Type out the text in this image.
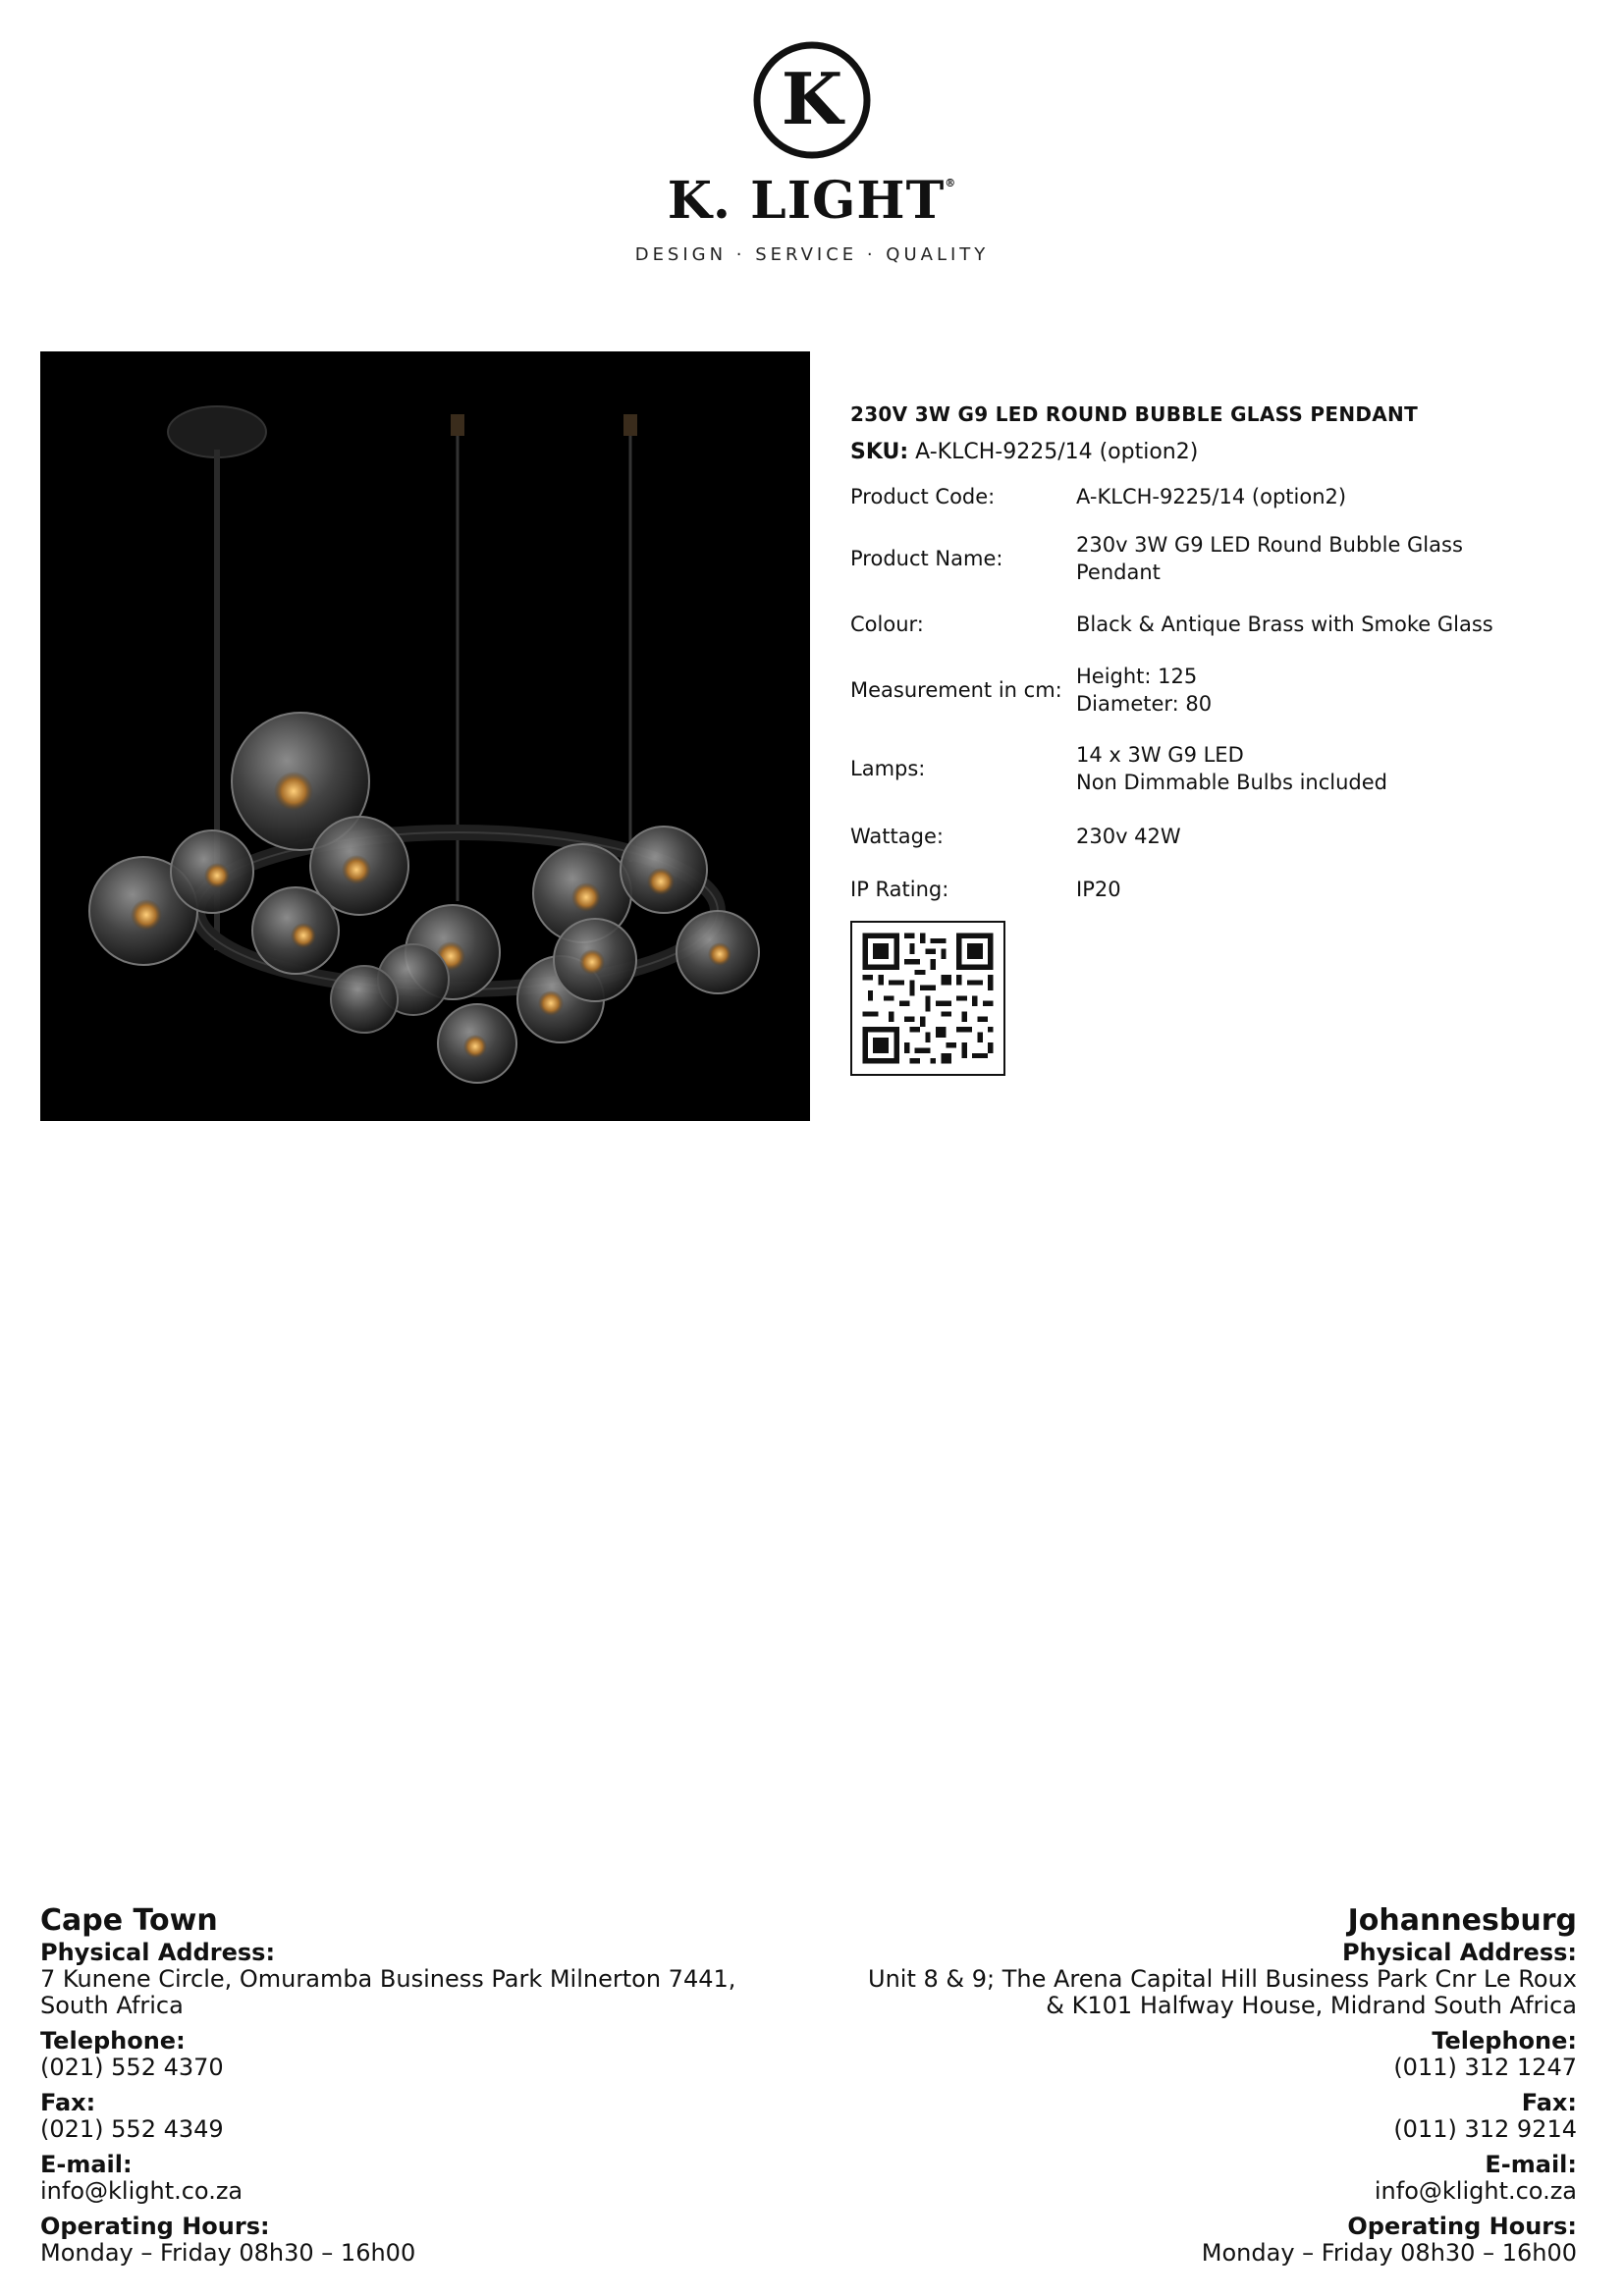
K
K. LIGHT®
DESIGN · SERVICE · QUALITY
230V 3W G9 LED ROUND BUBBLE GLASS PENDANT
SKU: A-KLCH-9225/14 (option2)
Product Code:	A-KLCH-9225/14 (option2)
Product Name:
230v 3W G9 LED Round Bubble Glass
Pendant
Colour:	Black & Antique Brass with Smoke Glass
Measurement in cm:
Height: 125
Diameter: 80
Lamps:
14 x 3W G9 LED
Non Dimmable Bulbs included
Wattage:	230v 42W
IP Rating:	IP20
Cape Town
Physical Address:
7 Kunene Circle, Omuramba Business Park Milnerton 7441,
South Africa
Telephone:
(021) 552 4370
Fax:
(021) 552 4349
E-mail:
info@klight.co.za
Operating Hours:
Monday – Friday 08h30 – 16h00
Johannesburg
Physical Address:
Unit 8 & 9; The Arena Capital Hill Business Park Cnr Le Roux
& K101 Halfway House, Midrand South Africa
Telephone:
(011) 312 1247
Fax:
(011) 312 9214
E-mail:
info@klight.co.za
Operating Hours:
Monday – Friday 08h30 – 16h00
